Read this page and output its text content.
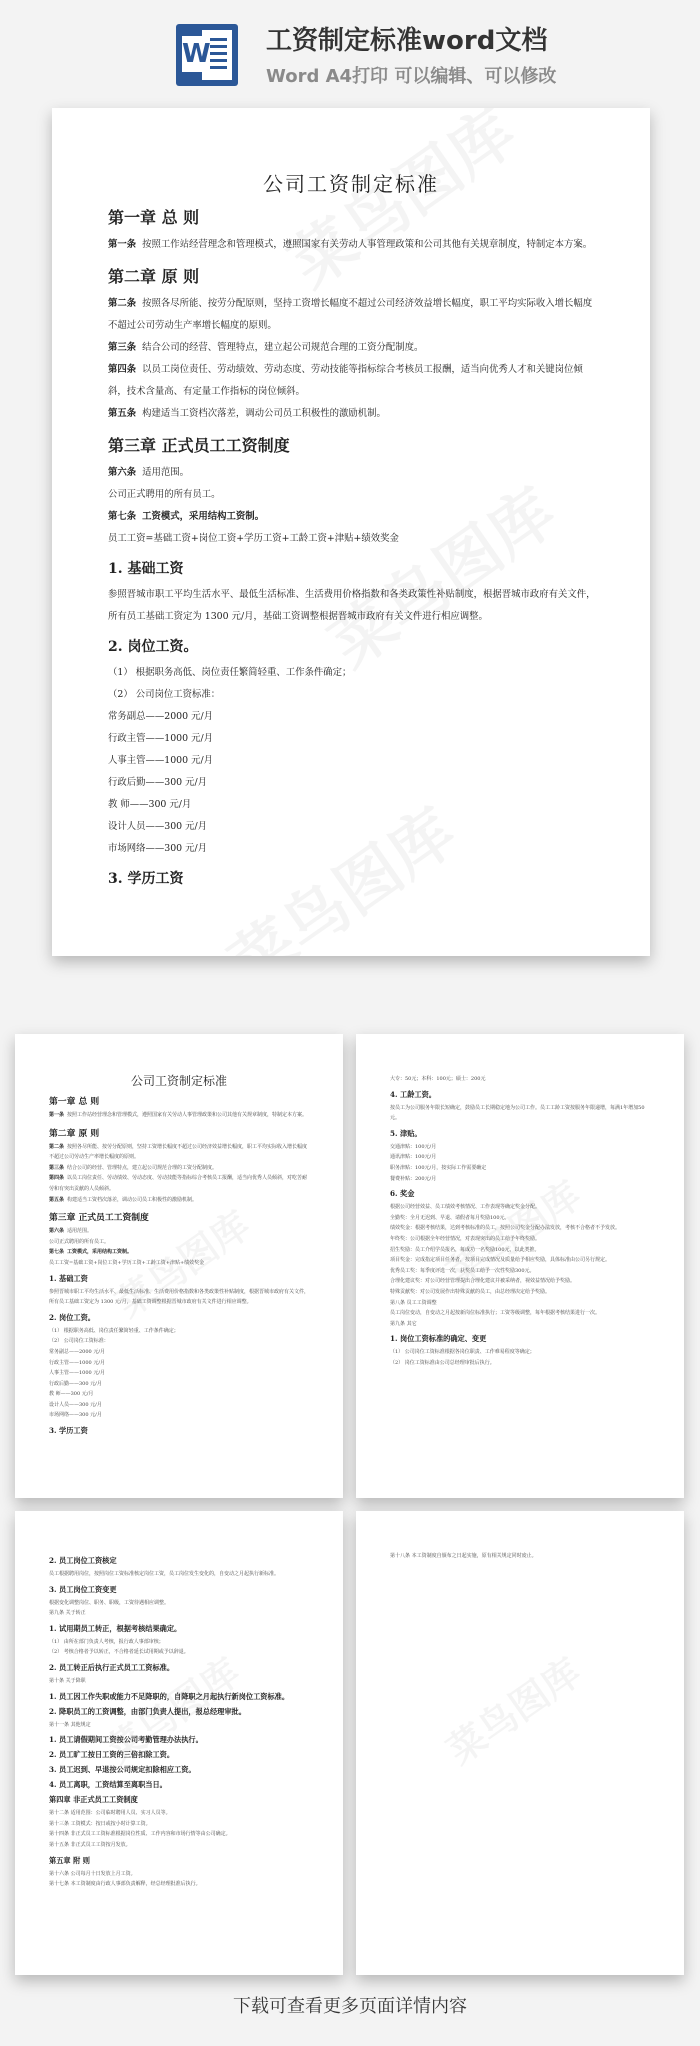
W 工资制定标准word文档
Word A4打印 可以编辑、可以修改
公司工资制定标准
第一章 总 则

第一条 按照工作站经营理念和管理模式，遵照国家有关劳动人事管理政策和公司其他有关规章制度，特制定本方案。

第二章 原 则

第二条 按照各尽所能、按劳分配原则，坚持工资增长幅度不超过公司经济效益增长幅度，职工平均实际收入增长幅度不超过公司劳动生产率增长幅度的原则。

第三条 结合公司的经营、管理特点，建立起公司规范合理的工资分配制度。

第四条 以员工岗位责任、劳动绩效、劳动态度、劳动技能等指标综合考核员工报酬，适当向优秀人才和关键岗位倾斜，技术含量高、有定量工作指标的岗位倾斜。

第五条 构建适当工资档次落差，调动公司员工积极性的激励机制。

第三章 正式员工工资制度

第六条 适用范围。

公司正式聘用的所有员工。

第七条 工资模式，采用结构工资制。

员工工资=基础工资+岗位工资+学历工资+工龄工资+津贴+绩效奖金

1. 基础工资

参照晋城市职工平均生活水平、最低生活标准、生活费用价格指数和各类政策性补贴制度，根据晋城市政府有关文件，所有员工基础工资定为 1300 元/月，基础工资调整根据晋城市政府有关文件进行相应调整。

2. 岗位工资。

（1） 根据职务高低、岗位责任繁简轻重、工作条件确定；

（2） 公司岗位工资标准：

常务副总——2000 元/月

行政主管——1000 元/月

人事主管——1000 元/月

行政后勤——300 元/月

教 师——300 元/月

设计人员——300 元/月

市场网络——300 元/月

3. 学历工资
公司工资制定标准
第一章 总 则

第一条 按照工作站经营理念和管理模式，遵照国家有关劳动人事管理政策和公司其他有关规章制度，特制定本方案。

第二章 原 则

第二条 按照各尽所能、按劳分配原则，坚持工资增长幅度不超过公司经济效益增长幅度，职工平均实际收入增长幅度不超过公司劳动生产率增长幅度的原则。

第三条 结合公司的经营、管理特点，建立起公司规范合理的工资分配制度。

第四条 以员工岗位责任、劳动绩效、劳动态度、劳动技能等指标综合考核员工报酬，适当向优秀人员倾斜，对吃苦耐劳和有突出贡献的人员倾斜。

第五条 构建适当工资档次落差，调动公司员工积极性的激励机制。

第三章 正式员工工资制度

第六条 适用范围。

公司正式聘用的所有员工。

第七条 工资模式，采用结构工资制。

员工工资=基础工资+岗位工资+学历工资+工龄工资+津贴+绩效奖金

1. 基础工资

参照晋城市职工平均生活水平、最低生活标准、生活费用价格指数和各类政策性补贴制度，根据晋城市政府有关文件，所有员工基础工资定为 1300 元/月，基础工资调整根据晋城市政府有关文件进行相应调整。

2. 岗位工资。

（1） 根据职务高低、岗位责任繁简轻重、工作条件确定；

（2） 公司岗位工资标准：

常务副总——2000 元/月

行政主管——1000 元/月

人事主管——1000 元/月

行政后勤——300 元/月

教 师——300 元/月

设计人员——300 元/月

市场网络——300 元/月

3. 学历工资

大专：50元；本科：100元；硕士：200元

4. 工龄工资。

按员工为公司服务年限长短确定，鼓励员工长期稳定地为公司工作。员工工龄工资按服务年限递增，每满1年增加50元。

5. 津贴。

交通津贴：100元/月

通讯津贴：100元/月

职务津贴：100元/月，按实际工作需要确定

餐费补贴：200元/月

6. 奖金

根据公司经营效益、员工绩效考核情况、工作表现等确定奖金分配。

全勤奖：全月无迟到、早退、请假者每月奖励100元。

绩效奖金：根据考核结果，达到考核标准的员工，按照公司奖金分配办法发放，考核不合格者不予发放。

年终奖：公司根据全年经营情况，对表现突出的员工给予年终奖励。

招生奖励：员工介绍学员报名，每成功一名奖励100元，以此类推。

项目奖金：完成指定项目任务者，按项目完成情况及质量给予相应奖励，具体标准由公司另行规定。

优秀员工奖：每季度评选一次，获奖员工给予一次性奖励300元。

合理化建议奖：对公司经营管理提出合理化建议并被采纳者，视效益情况给予奖励。

特殊贡献奖：对公司发展作出特殊贡献的员工，由总经理决定给予奖励。

第八条 员工工资调整

员工岗位变动，自变动之月起按新岗位标准执行；工资等级调整，每年根据考核结果进行一次。

第九条 其它

1. 岗位工资标准的确定、变更

（1） 公司岗位工资标准根据各岗位职责、工作难易程度等确定；

（2） 岗位工资标准由公司总经理审批后执行。

2. 员工岗位工资核定

员工根据聘用岗位，按照岗位工资标准核定岗位工资，员工岗位发生变化的，自变动之月起执行新标准。

3. 员工岗位工资变更

根据变化调整岗位、职务、职级，工资待遇相应调整。

第九条 关于转正

1. 试用期员工转正，根据考核结果确定。

（1） 由所在部门负责人考核，报行政人事部审核；

（2） 考核合格者予以转正，不合格者延长试用期或予以辞退。

2. 员工转正后执行正式员工工资标准。

第十条 关于降职

1. 员工因工作失职或能力不足降职的，自降职之月起执行新岗位工资标准。
2. 降职员工的工资调整，由部门负责人提出，报总经理审批。

第十一条 其他规定

1. 员工请假期间工资按公司考勤管理办法执行。
2. 员工旷工按日工资的三倍扣除工资。
3. 员工迟到、早退按公司规定扣除相应工资。
4. 员工离职，工资结算至离职当日。
第四章 非正式员工工资制度

第十二条 适用范围：公司临时聘用人员、实习人员等。

第十三条 工资模式：按日或按小时计算工资。

第十四条 非正式员工工资标准根据岗位性质、工作内容和市场行情等由公司确定。

第十五条 非正式员工工资按月发放。

第五章 附 则

第十六条 公司每月十日发放上月工资。

第十七条 本工资制度由行政人事部负责解释，经总经理批准后执行。

第十八条 本工资制度自颁布之日起实施，原有相关规定同时废止。

下载可查看更多页面详情内容
